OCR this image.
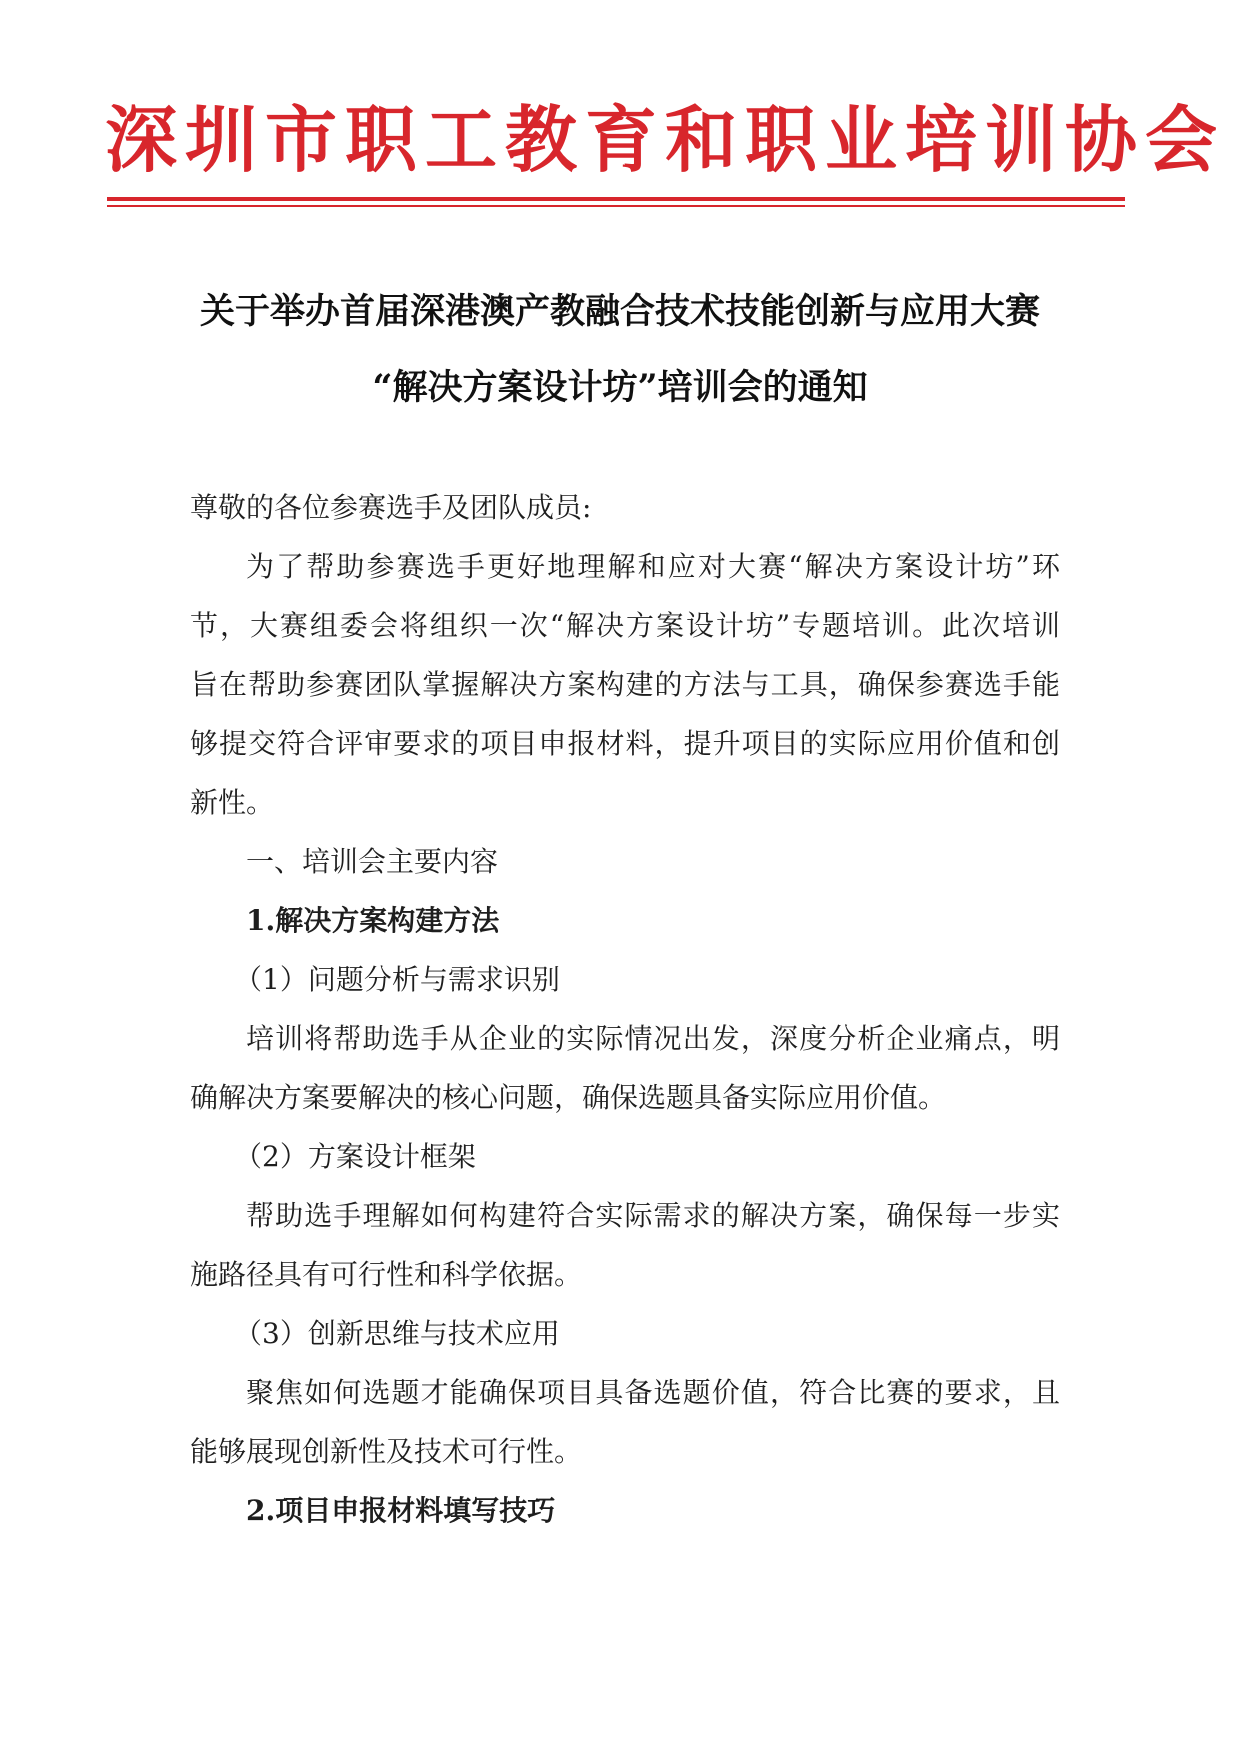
深圳市职工教育和职业培训协会
关于举办首届深港澳产教融合技术技能创新与应用大赛
“解决方案设计坊”培训会的通知
尊敬的各位参赛选手及团队成员:
为了帮助参赛选手更好地理解和应对大赛“解决方案设计坊”环
节，大赛组委会将组织一次“解决方案设计坊”专题培训。此次培训
旨在帮助参赛团队掌握解决方案构建的方法与工具，确保参赛选手能
够提交符合评审要求的项目申报材料，提升项目的实际应用价值和创
新性。
一、培训会主要内容
1.解决方案构建方法
（1）问题分析与需求识别
培训将帮助选手从企业的实际情况出发，深度分析企业痛点，明
确解决方案要解决的核心问题，确保选题具备实际应用价值。
（2）方案设计框架
帮助选手理解如何构建符合实际需求的解决方案，确保每一步实
施路径具有可行性和科学依据。
（3）创新思维与技术应用
聚焦如何选题才能确保项目具备选题价值，符合比赛的要求，且
能够展现创新性及技术可行性。
2.项目申报材料填写技巧
